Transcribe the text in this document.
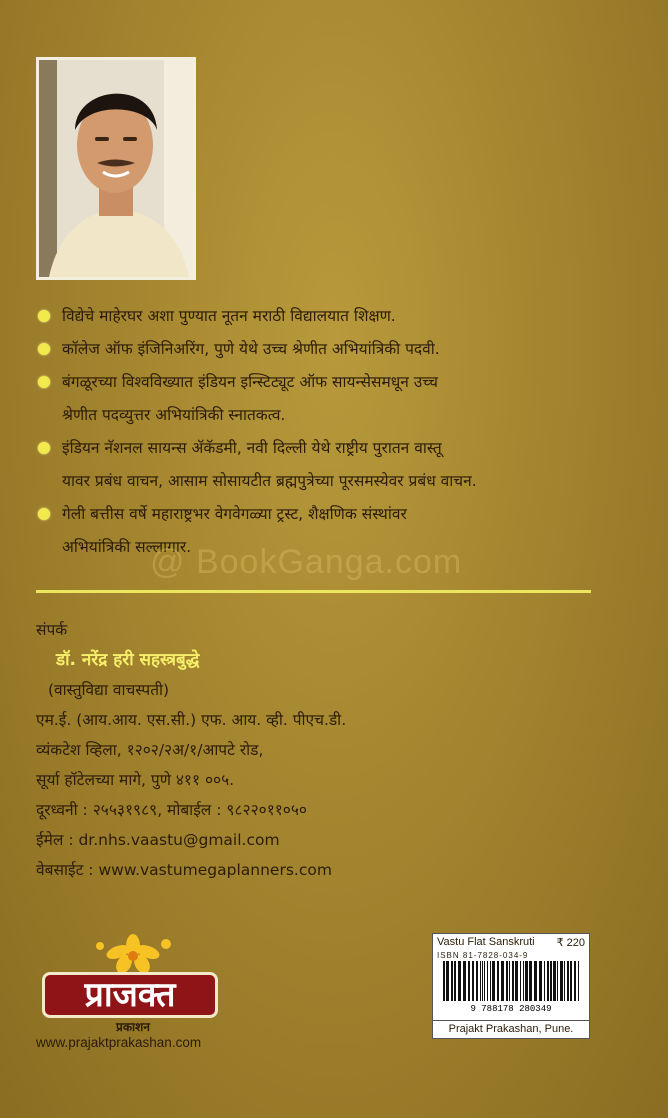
विद्येचे माहेरघर अशा पुण्यात नूतन मराठी विद्यालयात शिक्षण.
कॉलेज ऑफ इंजिनिअरिंग, पुणे येथे उच्च श्रेणीत अभियांत्रिकी पदवी.
बंगळूरच्या विश्वविख्यात इंडियन इन्स्टिट्यूट ऑफ सायन्सेसमधून उच्च
श्रेणीत पदव्युत्तर अभियांत्रिकी स्नातकत्व.
इंडियन नॅशनल सायन्स ॲकॅडमी, नवी दिल्ली येथे राष्ट्रीय पुरातन वास्तू
यावर प्रबंध वाचन, आसाम सोसायटीत ब्रह्मपुत्रेच्या पूरसमस्येवर प्रबंध वाचन.
गेली बत्तीस वर्षे महाराष्ट्रभर वेगवेगळ्या ट्रस्ट, शैक्षणिक संस्थांवर
अभियांत्रिकी सल्लागार.
@ BookGanga.com
संपर्क
डॉ. नरेंद्र हरी सहस्त्रबुद्धे
(वास्तुविद्या वाचस्पती)
एम.ई. (आय.आय. एस.सी.) एफ. आय. व्ही. पीएच.डी.
व्यंकटेश व्हिला, १२०२/२अ/१/आपटे रोड,
सूर्या हॉटेलच्या मागे, पुणे ४११ ००५.
दूरध्वनी : २५५३१९८९, मोबाईल : ९८२२०११०५०
ईमेल : dr.nhs.vaastu@gmail.com
वेबसाईट : www.vastumegaplanners.com
प्राजक्त
प्रकाशन
www.prajaktprakashan.com
Vastu Flat Sanskruti ₹ 220
ISBN 81-7828-034-9
9 788178 280349
Prajakt Prakashan, Pune.
